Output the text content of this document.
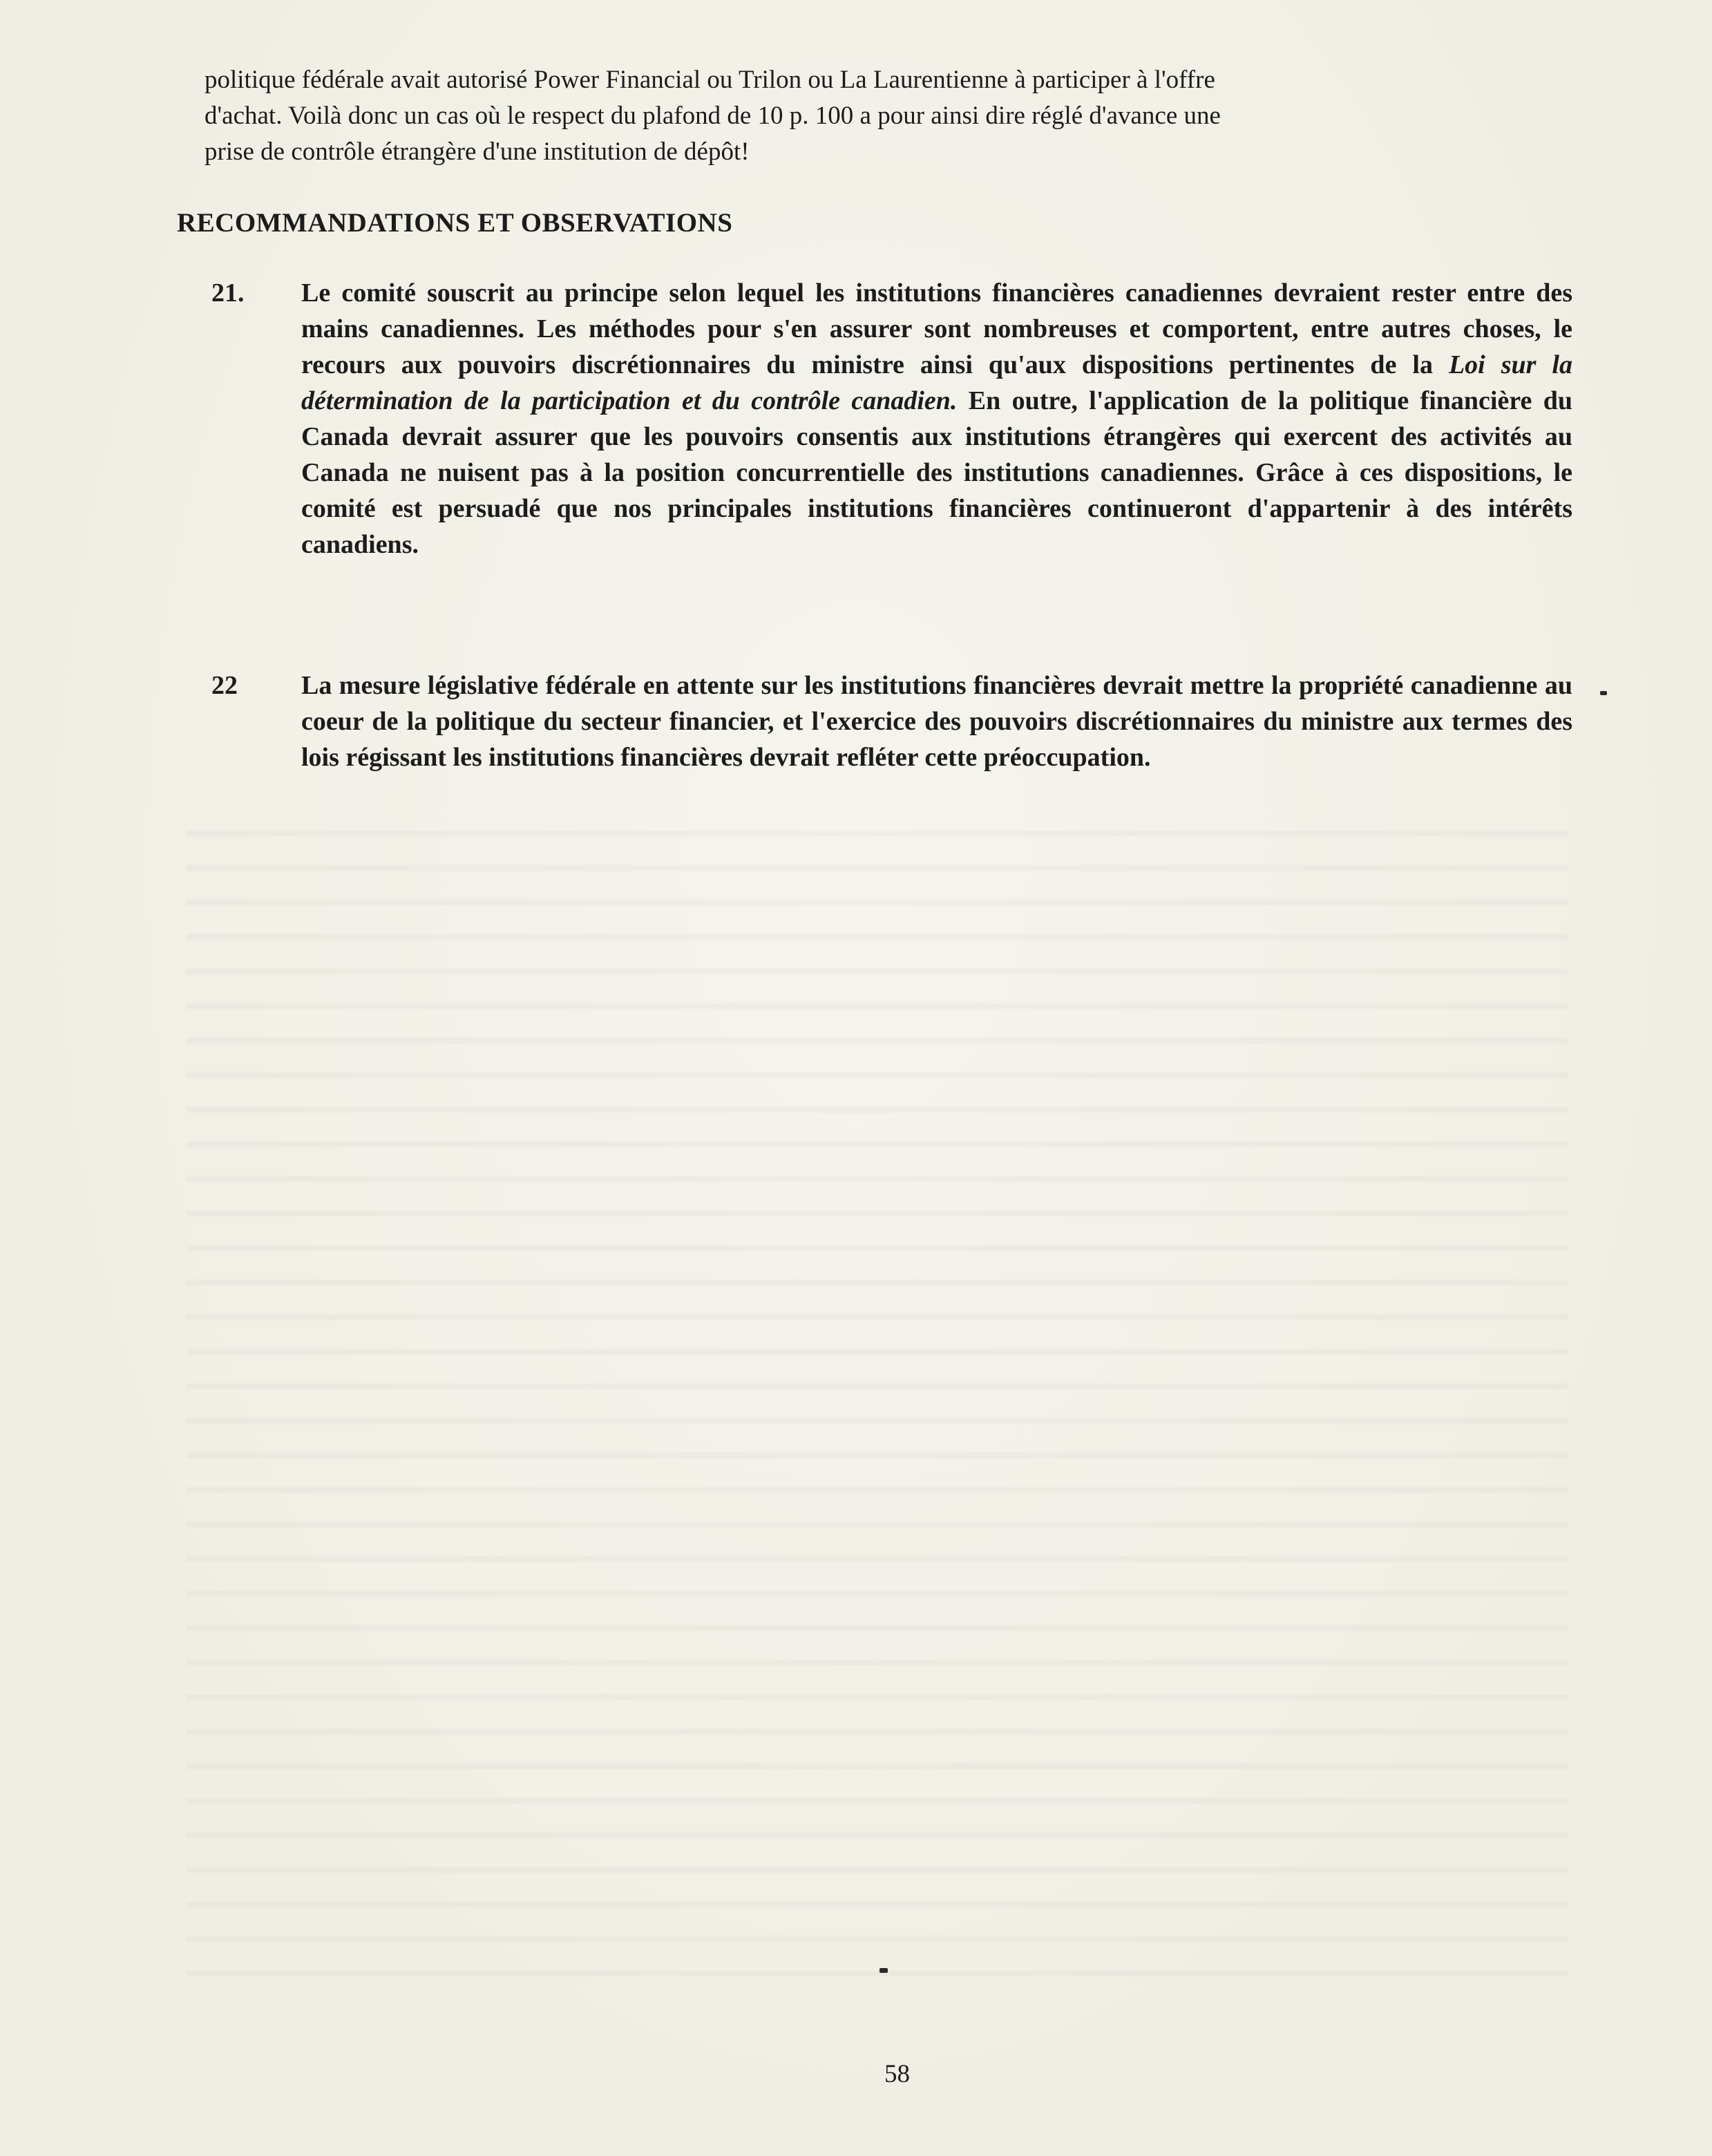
politique fédérale avait autorisé Power Financial ou Trilon ou La Laurentienne à participer à l'offre

d'achat. Voilà donc un cas où le respect du plafond de 10 p. 100 a pour ainsi dire réglé d'avance une

prise de contrôle étrangère d'une institution de dépôt!

RECOMMANDATIONS ET OBSERVATIONS
21.	Le comité souscrit au principe selon lequel les institutions financières canadiennes devraient rester entre des mains canadiennes. Les méthodes pour s'en assurer sont nombreuses et comportent, entre autres choses, le recours aux pouvoirs discrétionnaires du ministre ainsi qu'aux dispositions pertinentes de la Loi sur la détermination de la participation et du contrôle canadien. En outre, l'application de la politique financière du Canada devrait assurer que les pouvoirs consentis aux institutions étrangères qui exercent des activités au Canada ne nuisent pas à la position concurrentielle des institutions canadiennes. Grâce à ces dispositions, le comité est persuadé que nos principales institutions financières continueront d'appartenir à des intérêts canadiens.
22	La mesure législative fédérale en attente sur les institutions financières devrait mettre la propriété canadienne au coeur de la politique du secteur financier, et l'exercice des pouvoirs discrétionnaires du ministre aux termes des lois régissant les institutions financières devrait refléter cette préoccupation.

58
